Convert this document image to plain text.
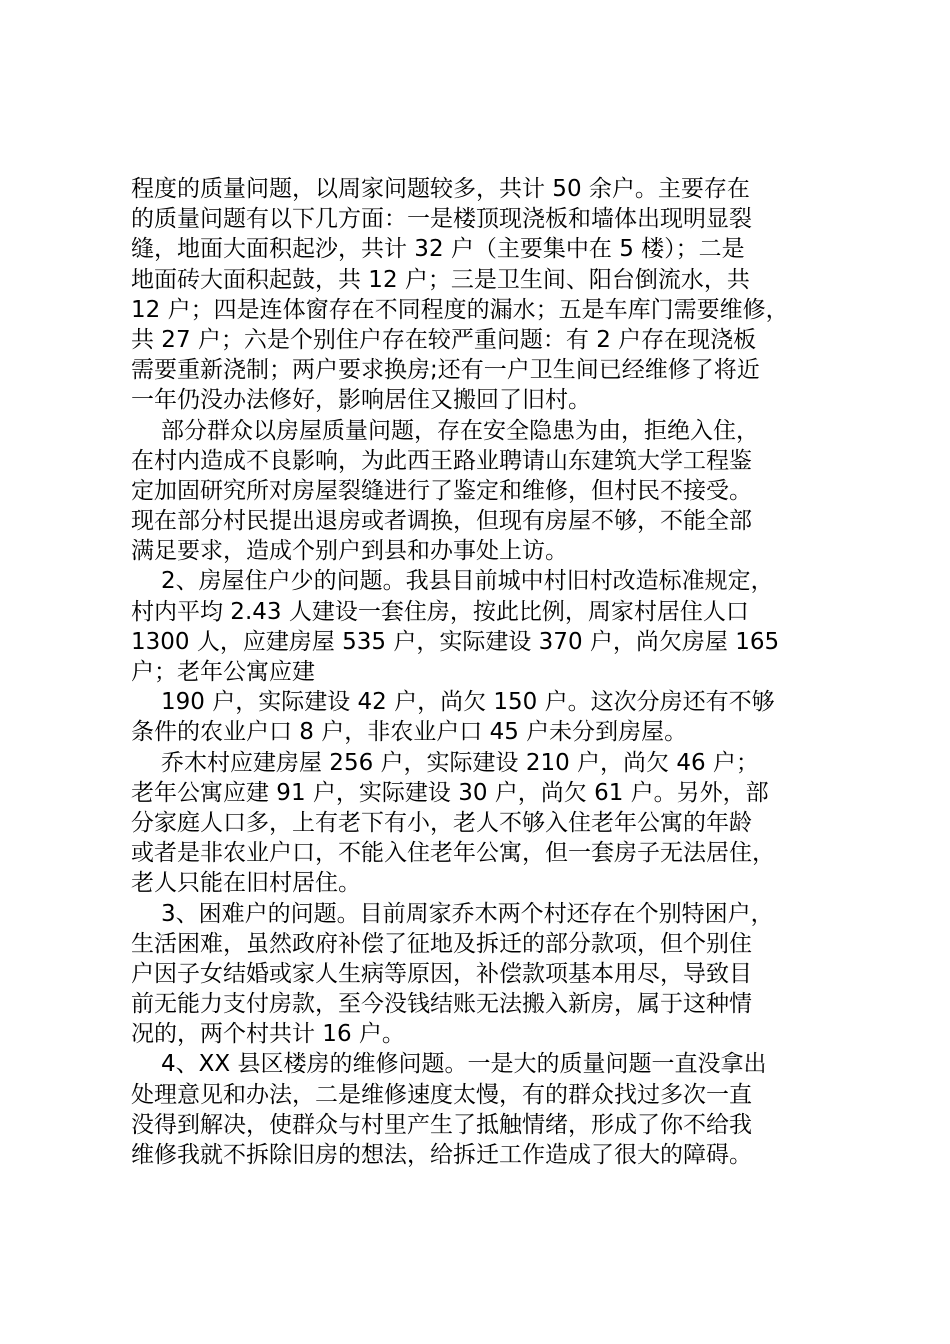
程度的质量问题，以周家问题较多，共计 50 余户。主要存在
的质量问题有以下几方面：一是楼顶现浇板和墙体出现明显裂
缝，地面大面积起沙，共计 32 户（主要集中在 5 楼）；二是
地面砖大面积起鼓，共 12 户；三是卫生间、阳台倒流水，共
12 户；四是连体窗存在不同程度的漏水；五是车库门需要维修，
共 27 户；六是个别住户存在较严重问题：有 2 户存在现浇板
需要重新浇制；两户要求换房;还有一户卫生间已经维修了将近
一年仍没办法修好，影响居住又搬回了旧村。
部分群众以房屋质量问题，存在安全隐患为由，拒绝入住，
在村内造成不良影响，为此西王路业聘请山东建筑大学工程鉴
定加固研究所对房屋裂缝进行了鉴定和维修，但村民不接受。
现在部分村民提出退房或者调换，但现有房屋不够，不能全部
满足要求，造成个别户到县和办事处上访。
2、房屋住户少的问题。我县目前城中村旧村改造标准规定，
村内平均 2.43 人建设一套住房，按此比例，周家村居住人口
1300 人，应建房屋 535 户，实际建设 370 户，尚欠房屋 165
户；老年公寓应建
190 户，实际建设 42 户，尚欠 150 户。这次分房还有不够
条件的农业户口 8 户，非农业户口 45 户未分到房屋。
乔木村应建房屋 256 户，实际建设 210 户，尚欠 46 户；
老年公寓应建 91 户，实际建设 30 户，尚欠 61 户。另外，部
分家庭人口多，上有老下有小，老人不够入住老年公寓的年龄
或者是非农业户口，不能入住老年公寓，但一套房子无法居住，
老人只能在旧村居住。
3、困难户的问题。目前周家乔木两个村还存在个别特困户，
生活困难，虽然政府补偿了征地及拆迁的部分款项，但个别住
户因子女结婚或家人生病等原因，补偿款项基本用尽，导致目
前无能力支付房款，至今没钱结账无法搬入新房，属于这种情
况的，两个村共计 16 户。
4、XX 县区楼房的维修问题。一是大的质量问题一直没拿出
处理意见和办法，二是维修速度太慢，有的群众找过多次一直
没得到解决，使群众与村里产生了抵触情绪，形成了你不给我
维修我就不拆除旧房的想法，给拆迁工作造成了很大的障碍。
